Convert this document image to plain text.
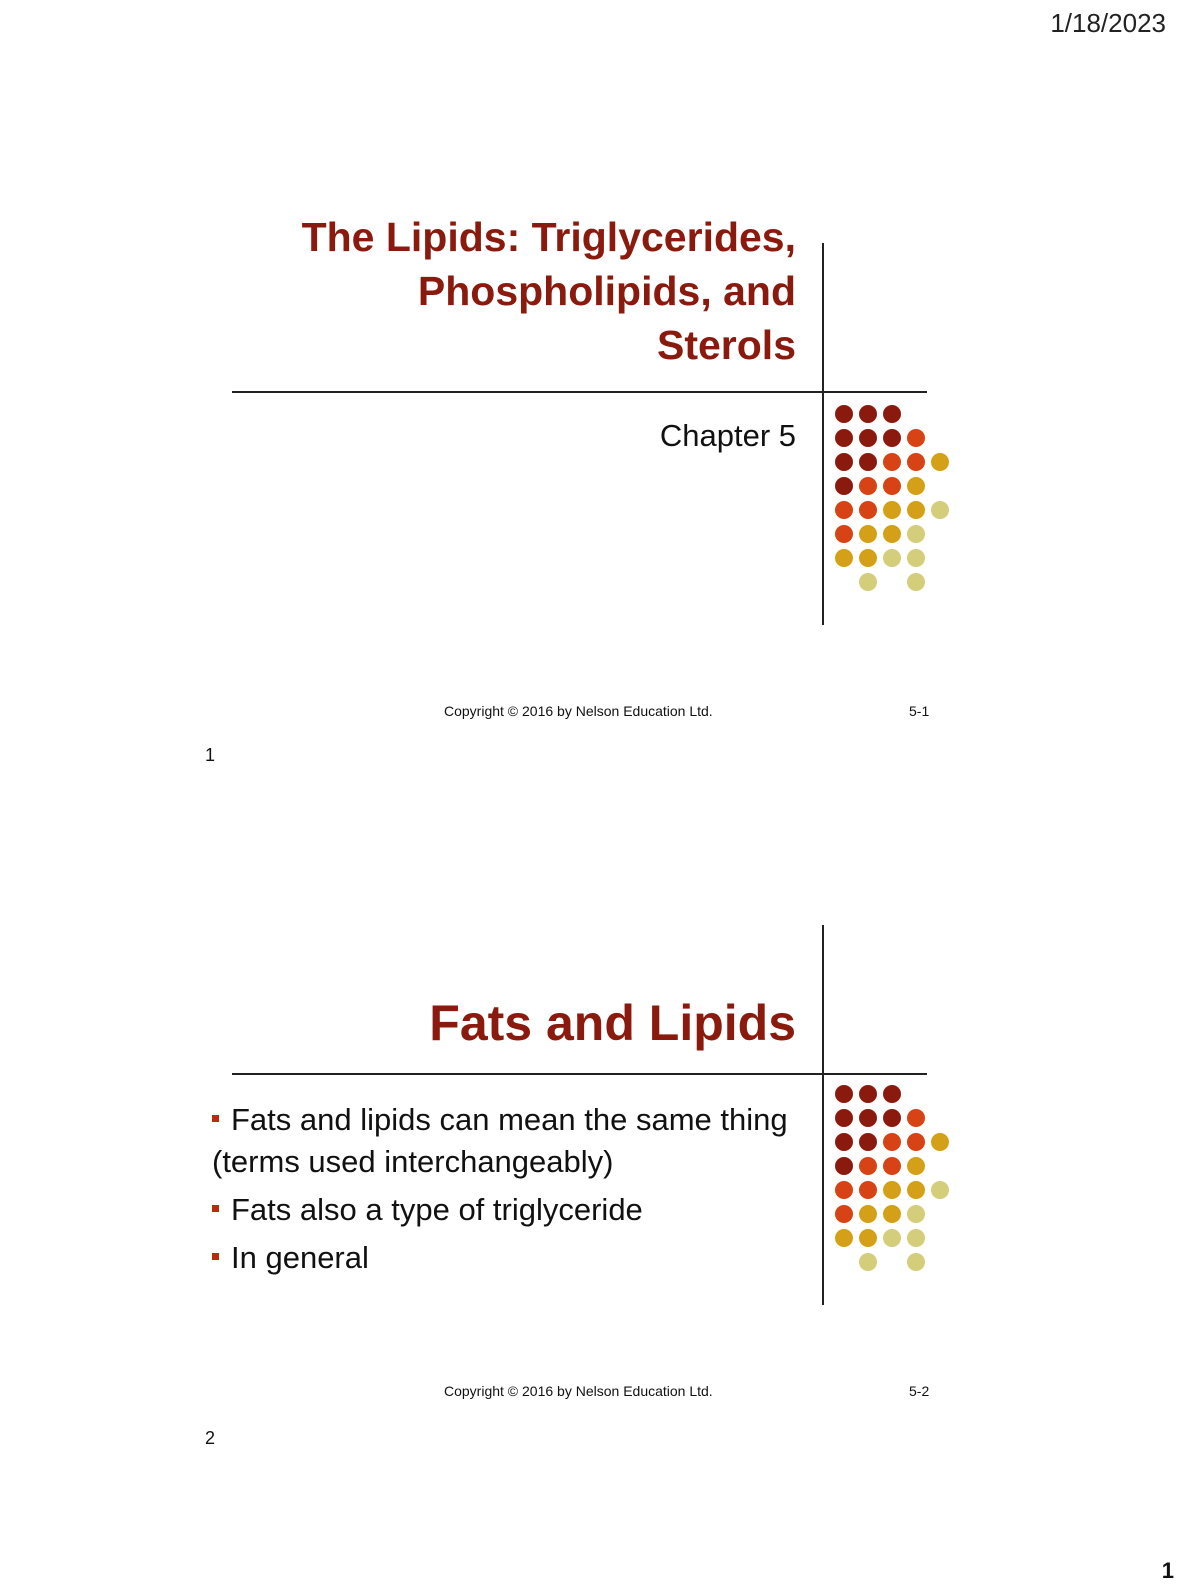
1/18/2023
The Lipids: Triglycerides,
Phospholipids, and
Sterols
Chapter 5
Copyright © 2016 by Nelson Education Ltd.	5-1
1
Fats and Lipids
Fats and lipids can mean the same thing (terms used interchangeably)
Fats also a type of triglyceride
In general
Copyright © 2016 by Nelson Education Ltd.	5-2
2
1
